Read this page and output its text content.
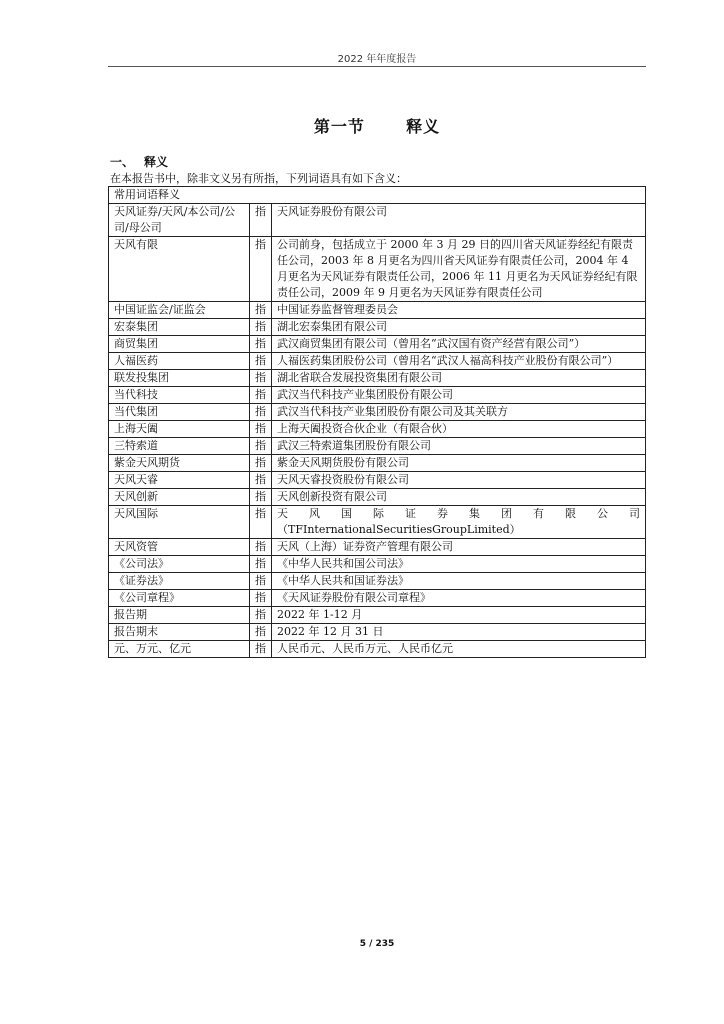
2022 年年度报告
第一节	释义
一、 释义
在本报告书中，除非文义另有所指，下列词语具有如下含义：
常用词语释义		
天风证券/天风/本公司/公司/母公司	指	天风证券股份有限公司
天风有限	指	公司前身，包括成立于 2000 年 3 月 29 日的四川省天风证券经纪有限责任公司，2003 年 8 月更名为四川省天风证券有限责任公司，2004 年 4 月更名为天风证券有限责任公司，2006 年 11 月更名为天风证券经纪有限责任公司，2009 年 9 月更名为天风证券有限责任公司
中国证监会/证监会	指	中国证券监督管理委员会
宏泰集团	指	湖北宏泰集团有限公司
商贸集团	指	武汉商贸集团有限公司（曾用名“武汉国有资产经营有限公司”）
人福医药	指	人福医药集团股份公司（曾用名“武汉人福高科技产业股份有限公司”）
联发投集团	指	湖北省联合发展投资集团有限公司
当代科技	指	武汉当代科技产业集团股份有限公司
当代集团	指	武汉当代科技产业集团股份有限公司及其关联方
上海天阖	指	上海天阖投资合伙企业（有限合伙）
三特索道	指	武汉三特索道集团股份有限公司
紫金天风期货	指	紫金天风期货股份有限公司
天风天睿	指	天风天睿投资股份有限公司
天风创新	指	天风创新投资有限公司
天风国际	指	天 风 国 际 证 券 集 团 有 限 公 司
（TFInternationalSecuritiesGroupLimited）

天风资管	指	天风（上海）证券资产管理有限公司
《公司法》	指	《中华人民共和国公司法》
《证券法》	指	《中华人民共和国证券法》
《公司章程》	指	《天风证券股份有限公司章程》
报告期	指	2022 年 1-12 月
报告期末	指	2022 年 12 月 31 日
元、万元、亿元	指	人民币元、人民币万元、人民币亿元
5 / 235
